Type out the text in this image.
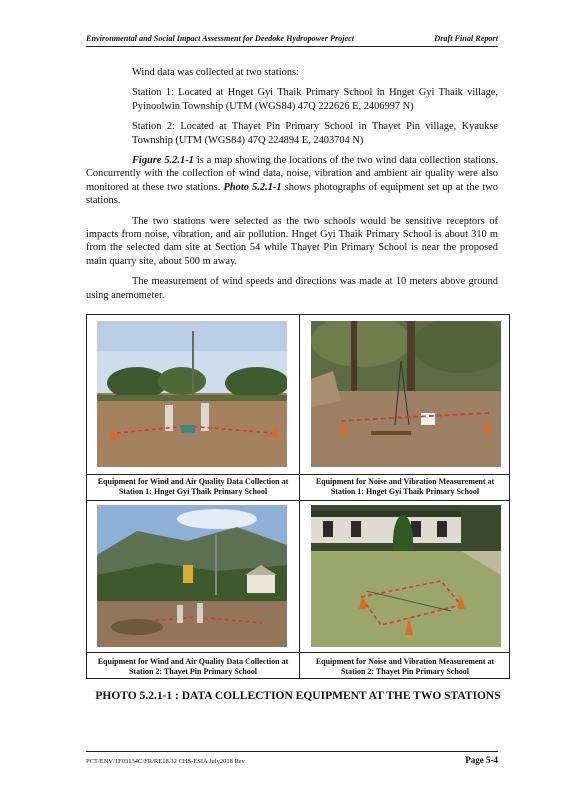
Environmental and Social Impact Assessment for Deedoke Hydropower Project	Draft Final Report

Wind data was collected at two stations:

Station 1: Located at Hnget Gyi Thaik Primary School in Hnget Gyi Thaik village, Pyinoolwin Township (UTM (WGS84) 47Q 222626 E, 2406997 N)

Station 2: Located at Thayet Pin Primary School in Thayet Pin village, Kyaukse Township (UTM (WGS84) 47Q 224894 E, 2403704 N)

Figure 5.2.1-1 is a map showing the locations of the two wind data collection stations. Concurrently with the collection of wind data, noise, vibration and ambient air quality were also monitored at these two stations. Photo 5.2.1-1 shows photographs of equipment set up at the two stations.

The two stations were selected as the two schools would be sensitive receptors of impacts from noise, vibration, and air pollution. Hnget Gyi Thaik Primary School is about 310 m from the selected dam site at Section 54 while Thayet Pin Primary School is near the proposed main quarry site, about 500 m away.

The measurement of wind speeds and directions was made at 10 meters above ground using anemometer.

Equipment for Wind and Air Quality Data Collection at Station 1: Hnget Gyi Thaik Primary School
Equipment for Noise and Vibration Measurement at Station 1: Hnget Gyi Thaik Primary School
Equipment for Wind and Air Quality Data Collection at Station 2: Thayet Pin Primary School
Equipment for Noise and Vibration Measurement at Station 2: Thayet Pin Primary School
PHOTO 5.2.1-1 : DATA COLLECTION EQUIPMENT AT THE TWO STATIONS
PCT/ENV/1F03134C/FR/RE18.32 CHS-ESIA July2018 Rev	Page 5-4
